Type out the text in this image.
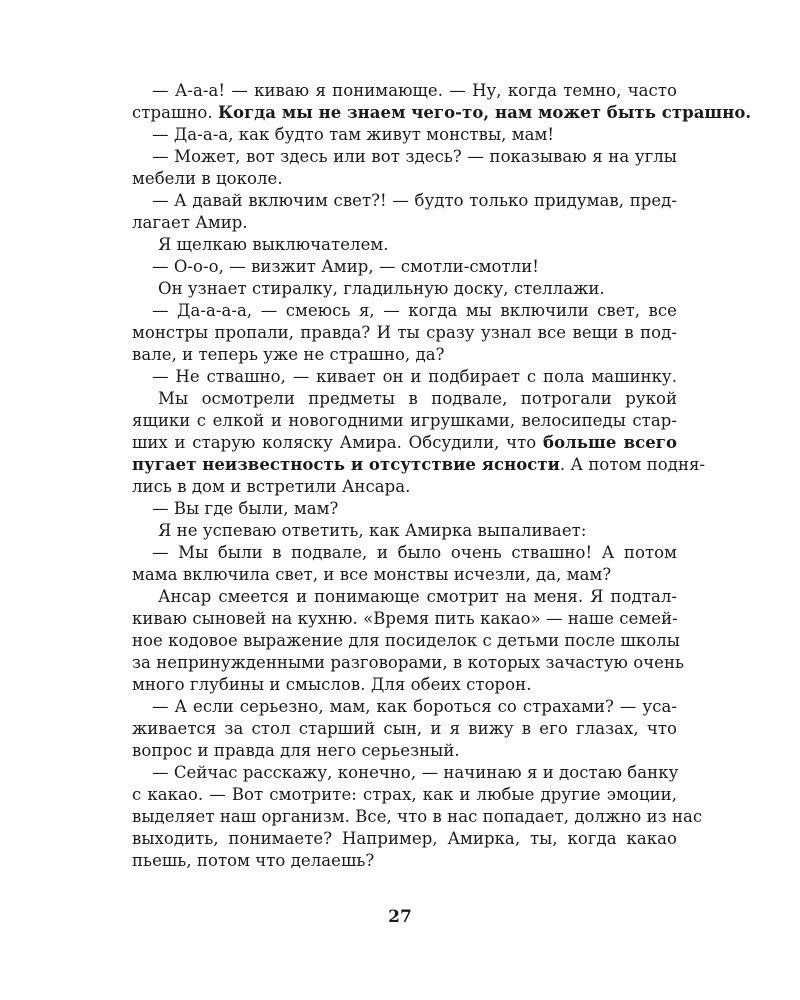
— А-а-а! — киваю я понимающе. — Ну, когда темно, часто
страшно. Когда мы не знаем чего-то, нам может быть страшно.
— Да-а-а, как будто там живут монствы, мам!
— Может, вот здесь или вот здесь? — показываю я на углы
мебели в цоколе.
— А давай включим свет?! — будто только придумав, пред-
лагает Амир.
Я щелкаю выключателем.
— О-о-о, — визжит Амир, — смотли-смотли!
Он узнает стиралку, гладильную доску, стеллажи.
— Да-а-а-а, — смеюсь я, — когда мы включили свет, все
монстры пропали, правда? И ты сразу узнал все вещи в под-
вале, и теперь уже не страшно, да?
— Не ствашно, — кивает он и подбирает с пола машинку.
Мы осмотрели предметы в подвале, потрогали рукой
ящики с елкой и новогодними игрушками, велосипеды стар-
ших и старую коляску Амира. Обсудили, что больше всего
пугает неизвестность и отсутствие ясности. А потом подня-
лись в дом и встретили Ансара.
— Вы где были, мам?
Я не успеваю ответить, как Амирка выпаливает:
— Мы были в подвале, и было очень ствашно! А потом
мама включила свет, и все монствы исчезли, да, мам?
Ансар смеется и понимающе смотрит на меня. Я подтал-
киваю сыновей на кухню. «Время пить какао» — наше семей-
ное кодовое выражение для посиделок с детьми после школы
за непринужденными разговорами, в которых зачастую очень
много глубины и смыслов. Для обеих сторон.
— А если серьезно, мам, как бороться со страхами? — уса-
живается за стол старший сын, и я вижу в его глазах, что
вопрос и правда для него серьезный.
— Сейчас расскажу, конечно, — начинаю я и достаю банку
с какао. — Вот смотрите: страх, как и любые другие эмоции,
выделяет наш организм. Все, что в нас попадает, должно из нас
выходить, понимаете? Например, Амирка, ты, когда какао
пьешь, потом что делаешь?
27
